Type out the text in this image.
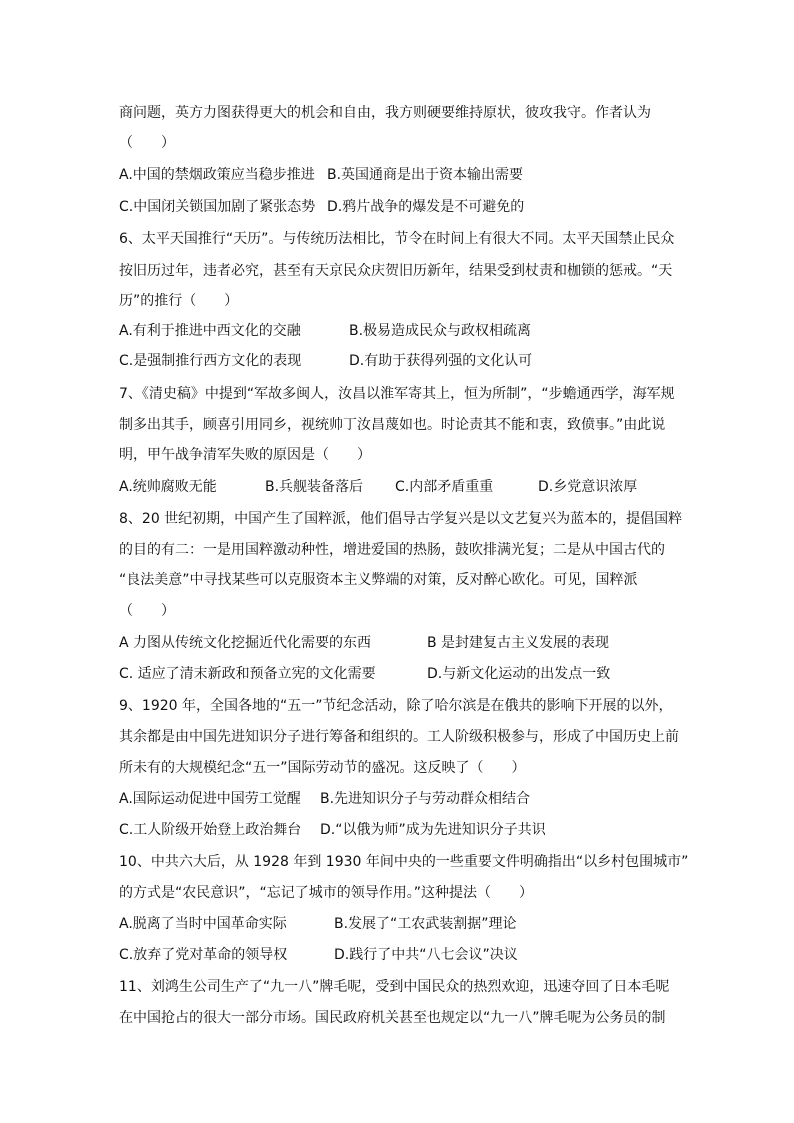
商问题，英方力图获得更大的机会和自由，我方则硬要维持原状，彼攻我守。作者认为
（　　）
A.中国的禁烟政策应当稳步推进 B.英国通商是出于资本输出需要
C.中国闭关锁国加剧了紧张态势 D.鸦片战争的爆发是不可避免的
6、太平天国推行“天历”。与传统历法相比，节令在时间上有很大不同。太平天国禁止民众
按旧历过年，违者必究，甚至有天京民众庆贺旧历新年，结果受到杖责和枷锁的惩戒。“天
历”的推行（　　）
A.有利于推进中西文化的交融	B.极易造成民众与政权相疏离
C.是强制推行西方文化的表现	D.有助于获得列强的文化认可
7、《清史稿》中提到“军故多闽人，汝昌以淮军寄其上，恒为所制”，“步蟾通西学，海军规
制多出其手，顾喜引用同乡，视统帅丁汝昌蔑如也。时论责其不能和衷，致偾事。”由此说
明，甲午战争清军失败的原因是（　　）
A.统帅腐败无能	B.兵舰装备落后 C.内部矛盾重重	D.乡党意识浓厚
8、20 世纪初期，中国产生了国粹派，他们倡导古学复兴是以文艺复兴为蓝本的，提倡国粹
的目的有二：一是用国粹激动种性，增进爱国的热肠，鼓吹排满光复；二是从中国古代的
“良法美意”中寻找某些可以克服资本主义弊端的对策，反对醉心欧化。可见，国粹派
（　　）
A 力图从传统文化挖掘近代化需要的东西	B 是封建复古主义发展的表现
C. 适应了清末新政和预备立宪的文化需要	D.与新文化运动的出发点一致
9、1920 年，全国各地的“五一”节纪念活动，除了哈尔滨是在俄共的影响下开展的以外，
其余都是由中国先进知识分子进行筹备和组织的。工人阶级积极参与，形成了中国历史上前
所未有的大规模纪念“五一”国际劳动节的盛况。这反映了（　　）
A.国际运动促进中国劳工觉醒 B.先进知识分子与劳动群众相结合
C.工人阶级开始登上政治舞台 D.“以俄为师”成为先进知识分子共识
10、中共六大后，从 1928 年到 1930 年间中央的一些重要文件明确指出“以乡村包围城市”
的方式是“农民意识”，“忘记了城市的领导作用。”这种提法（　　）
A.脱离了当时中国革命实际	B.发展了“工农武装割据”理论
C.放弃了党对革命的领导权	D.践行了中共“八七会议”决议
11、刘鸿生公司生产了“九一八”牌毛呢，受到中国民众的热烈欢迎，迅速夺回了日本毛呢
在中国抢占的很大一部分市场。国民政府机关甚至也规定以“九一八”牌毛呢为公务员的制
